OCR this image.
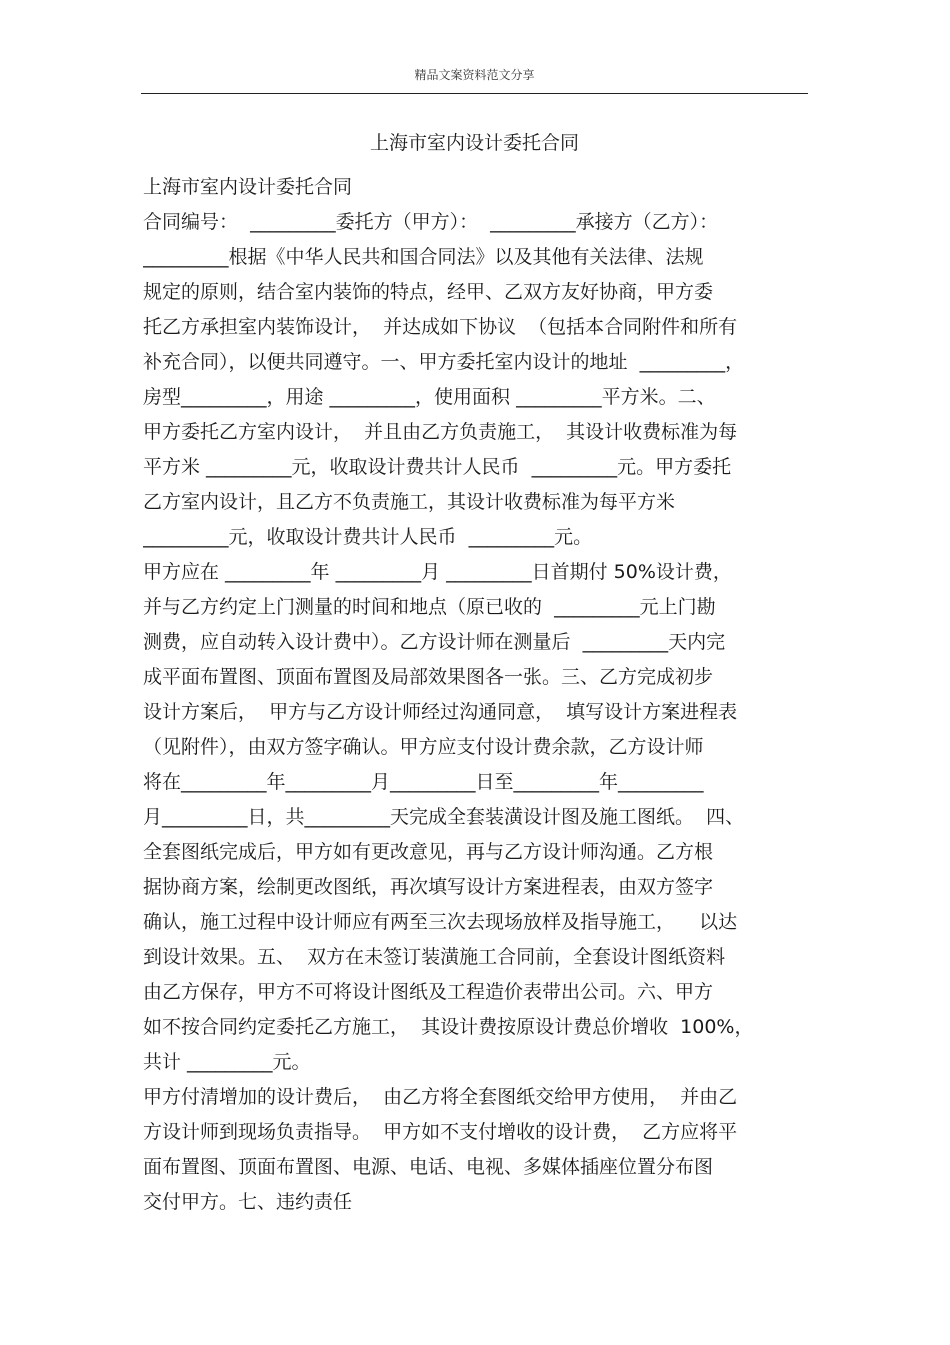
精品文案资料范文分享
上海市室内设计委托合同
上海市室内设计委托合同
合同编号：  _________委托方（甲方）：  _________承接方（乙方）：
_________根据《中华人民共和国合同法》以及其他有关法律、法规
规定的原则，结合室内装饰的特点，经甲、乙双方友好协商，甲方委
托乙方承担室内装饰设计，  并达成如下协议  （包括本合同附件和所有
补充合同），以便共同遵守。一、甲方委托室内设计的地址  _________，
房型_________，用途 _________，使用面积 _________平方米。二、
甲方委托乙方室内设计，  并且由乙方负责施工，  其设计收费标准为每
平方米 _________元，收取设计费共计人民币  _________元。甲方委托
乙方室内设计，且乙方不负责施工，其设计收费标准为每平方米
_________元，收取设计费共计人民币  _________元。
甲方应在 _________年 _________月 _________日首期付 50%设计费，
并与乙方约定上门测量的时间和地点（原已收的  _________元上门勘
测费，应自动转入设计费中）。乙方设计师在测量后  _________天内完
成平面布置图、顶面布置图及局部效果图各一张。三、乙方完成初步
设计方案后，  甲方与乙方设计师经过沟通同意，  填写设计方案进程表
（见附件），由双方签字确认。甲方应支付设计费余款，乙方设计师
将在_________年_________月_________日至_________年_________
月_________日，共_________天完成全套装潢设计图及施工图纸。  四、
全套图纸完成后，甲方如有更改意见，再与乙方设计师沟通。乙方根
据协商方案，绘制更改图纸，再次填写设计方案进程表，由双方签字
确认，施工过程中设计师应有两至三次去现场放样及指导施工，    以达
到设计效果。五、  双方在未签订装潢施工合同前，全套设计图纸资料
由乙方保存，甲方不可将设计图纸及工程造价表带出公司。六、甲方
如不按合同约定委托乙方施工，  其设计费按原设计费总价增收  100%，
共计 _________元。
甲方付清增加的设计费后，  由乙方将全套图纸交给甲方使用，  并由乙
方设计师到现场负责指导。  甲方如不支付增收的设计费，  乙方应将平
面布置图、顶面布置图、电源、电话、电视、多媒体插座位置分布图
交付甲方。七、违约责任
